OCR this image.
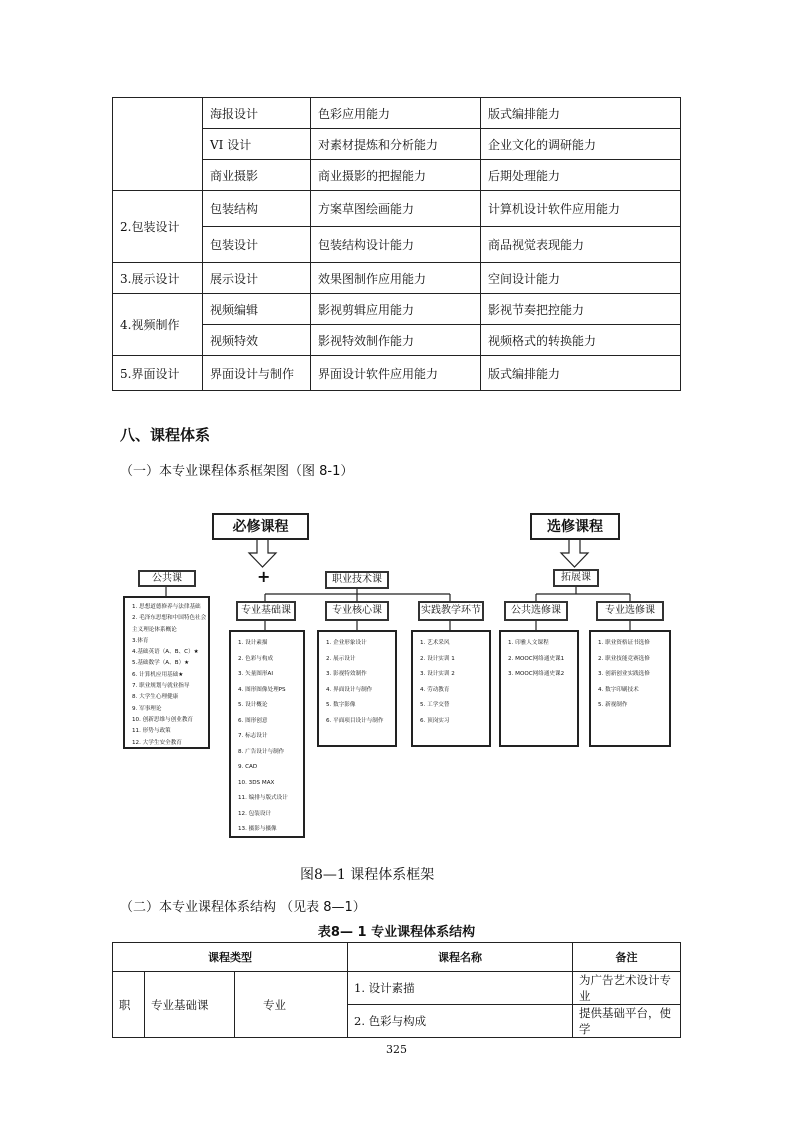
	海报设计	色彩应用能力	版式编排能力
	VI 设计	对素材提炼和分析能力	企业文化的调研能力
	商业摄影	商业摄影的把握能力	后期处理能力
2.包装设计	包装结构	方案草图绘画能力	计算机设计软件应用能力
	包装设计	包装结构设计能力	商品视觉表现能力
3.展示设计	展示设计	效果图制作应用能力	空间设计能力
4.视频制作	视频编辑	影视剪辑应用能力	影视节奏把控能力
	视频特效	影视特效制作能力	视频格式的转换能力
5.界面设计	界面设计与制作	界面设计软件应用能力	版式编排能力
八、课程体系
（一）本专业课程体系框架图（图 8-1）
必修课程	选修课程
+
公共课	职业技术课	拓展课
专业基础课	专业核心课	实践教学环节	公共选修课	专业选修课
1. 思想道德修养与法律基础
2. 毛泽东思想和中国特色社会
主义理论体系概论
3.体育
4.基础英语（A、B、C）★
5.基础数学（A、B）★
6. 计算机应用基础★
7. 职业规划与就业指导
8. 大学生心理健康
9. 军事理论
10. 创新思维与创业教育
11. 形势与政策
12. 大学生安全教育
1. 设计素描
2. 色彩与构成
3. 矢量图形AI
4. 图形图像处理PS
5. 设计概论
6. 图形创意
7. 标志设计
8. 广告设计与制作
9. CAD
10. 3DS MAX
11. 编排与版式设计
12. 包装设计
13. 摄影与摄像
1. 企业形象设计
2. 展示设计
3. 影视特效制作
4. 界面设计与制作
5. 数字影像
6. 平面项目设计与制作
1. 艺术采风
2. 设计实训 1
3. 设计实训 2
4. 劳动教育
5. 工学交替
6. 顶岗实习
1. 印雅人文课程
2. MOOC网络通史课1
3. MOOC网络通史课2
1. 职业资格证书选修
2. 职业技能竞赛选修
3. 创新创业实践选修
4. 数字印刷技术
5. 新视制作
图8—1 课程体系框架
（二）本专业课程体系结构 （见表 8—1）
表8— 1 专业课程体系结构
课程类型			课程名称	备注
职	专业基础课	专业	1. 设计素描	为广告艺术设计专业
			2. 色彩与构成	提供基础平台，使学
325
